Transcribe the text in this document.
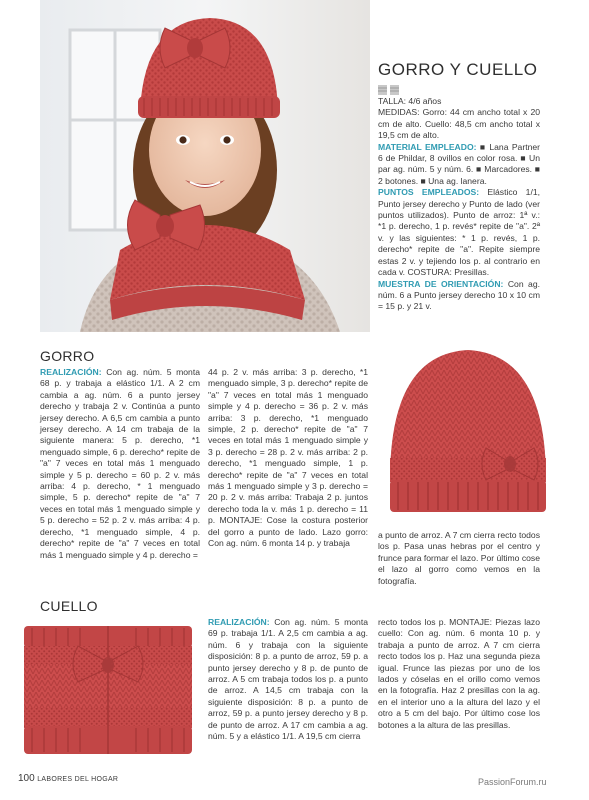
GORRO Y CUELLO

TALLA: 4/6 años

MEDIDAS: Gorro: 44 cm ancho total x 20 cm de alto. Cuello: 48,5 cm ancho total x 19,5 cm de alto.

MATERIAL EMPLEADO: ■ Lana Partner 6 de Phildar, 8 ovillos en color rosa. ■ Un par ag. núm. 5 y núm. 6. ■ Marcadores. ■ 2 botones. ■ Una ag. lanera.

PUNTOS EMPLEADOS: Elástico 1/1, Punto jersey derecho y Punto de lado (ver puntos utilizados). Punto de arroz: 1ª v.: *1 p. derecho, 1 p. revés* repite de "a". 2ª v. y las siguientes: * 1 p. revés, 1 p. derecho* repite de "a". Repite siempre estas 2 v. y tejiendo los p. al contrario en cada v. COSTURA: Presillas.

MUESTRA DE ORIENTACIÓN: Con ag. núm. 6 a Punto jersey derecho 10 x 10 cm = 15 p. y 21 v.

GORRO
REALIZACIÓN: Con ag. núm. 5 monta 68 p. y trabaja a elástico 1/1. A 2 cm cambia a ag. núm. 6 a punto jersey derecho y trabaja 2 v. Continúa a punto jersey derecho. A 6,5 cm cambia a punto jersey derecho. A 14 cm trabaja de la siguiente manera: 5 p. derecho, *1 menguado simple, 6 p. derecho* repite de "a" 7 veces en total más 1 menguado simple y 5 p. derecho = 60 p. 2 v. más arriba: 4 p. derecho, * 1 menguado simple, 5 p. derecho* repite de "a" 7 veces en total más 1 menguado simple y 5 p. derecho = 52 p. 2 v. más arriba: 4 p. derecho, *1 menguado simple, 4 p. derecho* repite de "a" 7 veces en total más 1 menguado simple y 4 p. derecho =
44 p. 2 v. más arriba: 3 p. derecho, *1 menguado simple, 3 p. derecho* repite de "a" 7 veces en total más 1 menguado simple y 4 p. derecho = 36 p. 2 v. más arriba: 3 p. derecho, *1 menguado simple, 2 p. derecho* repite de "a" 7 veces en total más 1 menguado simple y 3 p. derecho = 28 p. 2 v. más arriba: 2 p. derecho, *1 menguado simple, 1 p. derecho* repite de "a" 7 veces en total más 1 menguado simple y 3 p. derecho = 20 p. 2 v. más arriba: Trabaja 2 p. juntos derecho toda la v. más 1 p. derecho = 11 p. MONTAJE: Cose la costura posterior del gorro a punto de lado. Lazo gorro: Con ag. núm. 6 monta 14 p. y trabaja
a punto de arroz. A 7 cm cierra recto todos los p. Pasa unas hebras por el centro y frunce para formar el lazo. Por último cose el lazo al gorro como vemos en la fotografía.
CUELLO
REALIZACIÓN: Con ag. núm. 5 monta 69 p. trabaja 1/1. A 2,5 cm cambia a ag. núm. 6 y trabaja con la siguiente disposición: 8 p. a punto de arroz, 59 p. a punto jersey derecho y 8 p. de punto de arroz. A 5 cm trabaja todos los p. a punto de arroz. A 14,5 cm trabaja con la siguiente disposición: 8 p. a punto de arroz, 59 p. a punto jersey derecho y 8 p. de punto de arroz. A 17 cm cambia a ag. núm. 5 y a elástico 1/1. A 19,5 cm cierra
recto todos los p. MONTAJE: Piezas lazo cuello: Con ag. núm. 6 monta 10 p. y trabaja a punto de arroz. A 7 cm cierra recto todos los p. Haz una segunda pieza igual. Frunce las piezas por uno de los lados y cóselas en el orillo como vemos en la fotografía. Haz 2 presillas con la ag. en el interior uno a la altura del lazo y el otro a 5 cm del bajo. Por último cose los botones a la altura de las presillas.
100 LABORES DEL HOGAR	PassionForum.ru
